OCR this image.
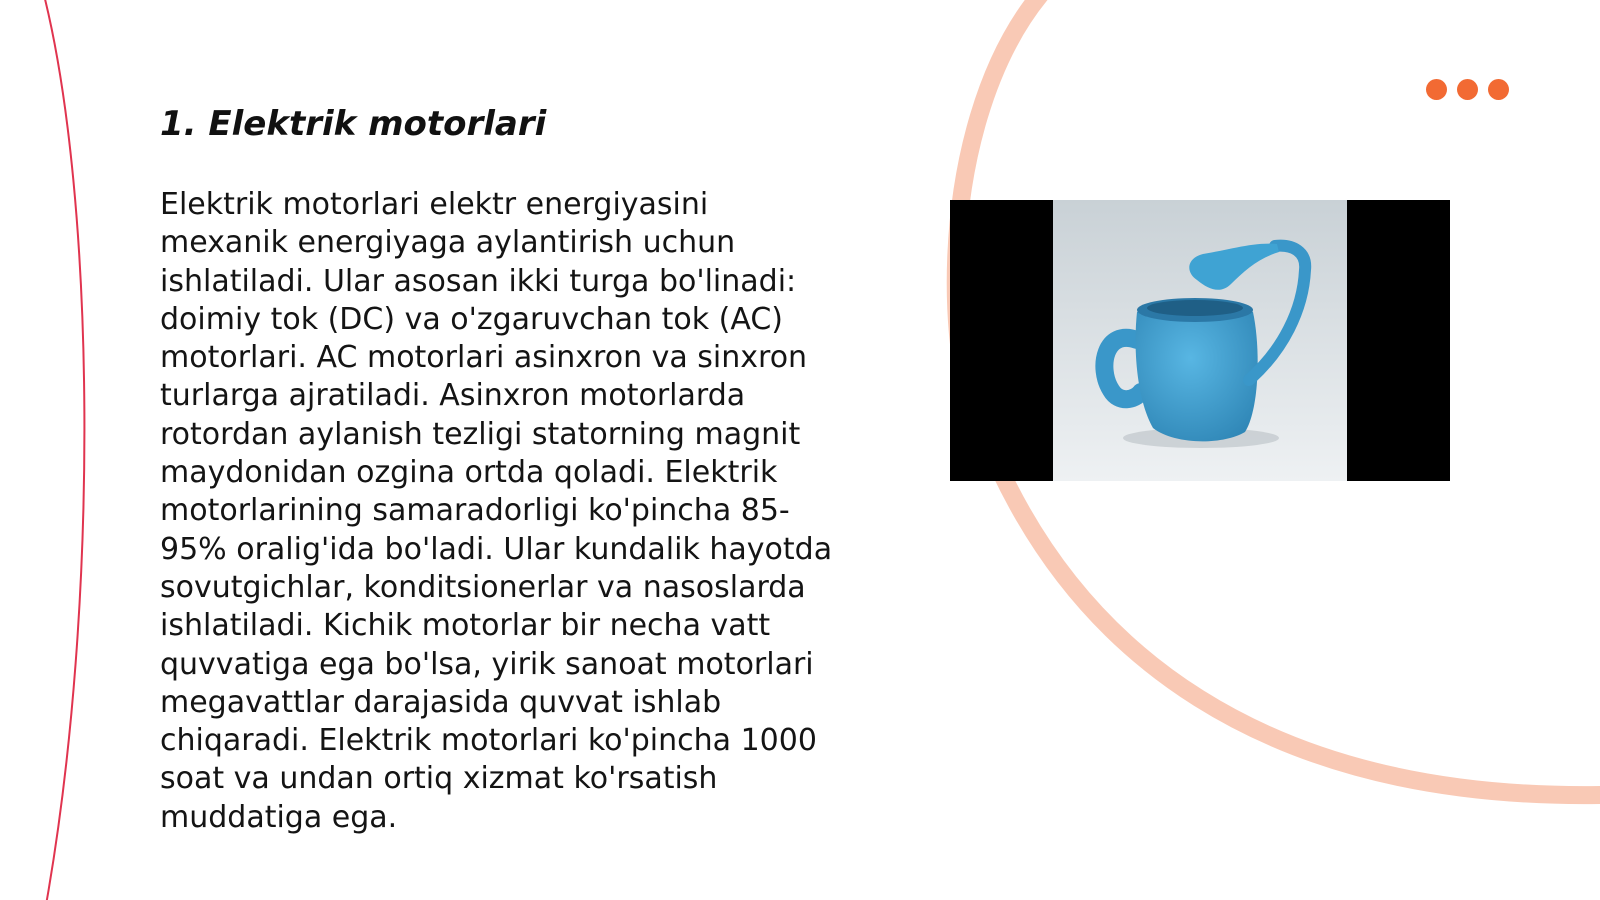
1. Elektrik motorlari

Elektrik motorlari elektr energiyasini mexanik energiyaga aylantirish uchun ishlatiladi. Ular asosan ikki turga bo'linadi: doimiy tok (DC) va o'zgaruvchan tok (AC) motorlari. AC motorlari asinxron va sinxron turlarga ajratiladi. Asinxron motorlarda rotordan aylanish tezligi statorning magnit maydonidan ozgina ortda qoladi. Elektrik motorlarining samaradorligi ko'pincha 85-95% oralig'ida bo'ladi. Ular kundalik hayotda sovutgichlar, konditsionerlar va nasoslarda ishlatiladi. Kichik motorlar bir necha vatt quvvatiga ega bo'lsa, yirik sanoat motorlari megavattlar darajasida quvvat ishlab chiqaradi. Elektrik motorlari ko'pincha 1000 soat va undan ortiq xizmat ko'rsatish muddatiga ega.
